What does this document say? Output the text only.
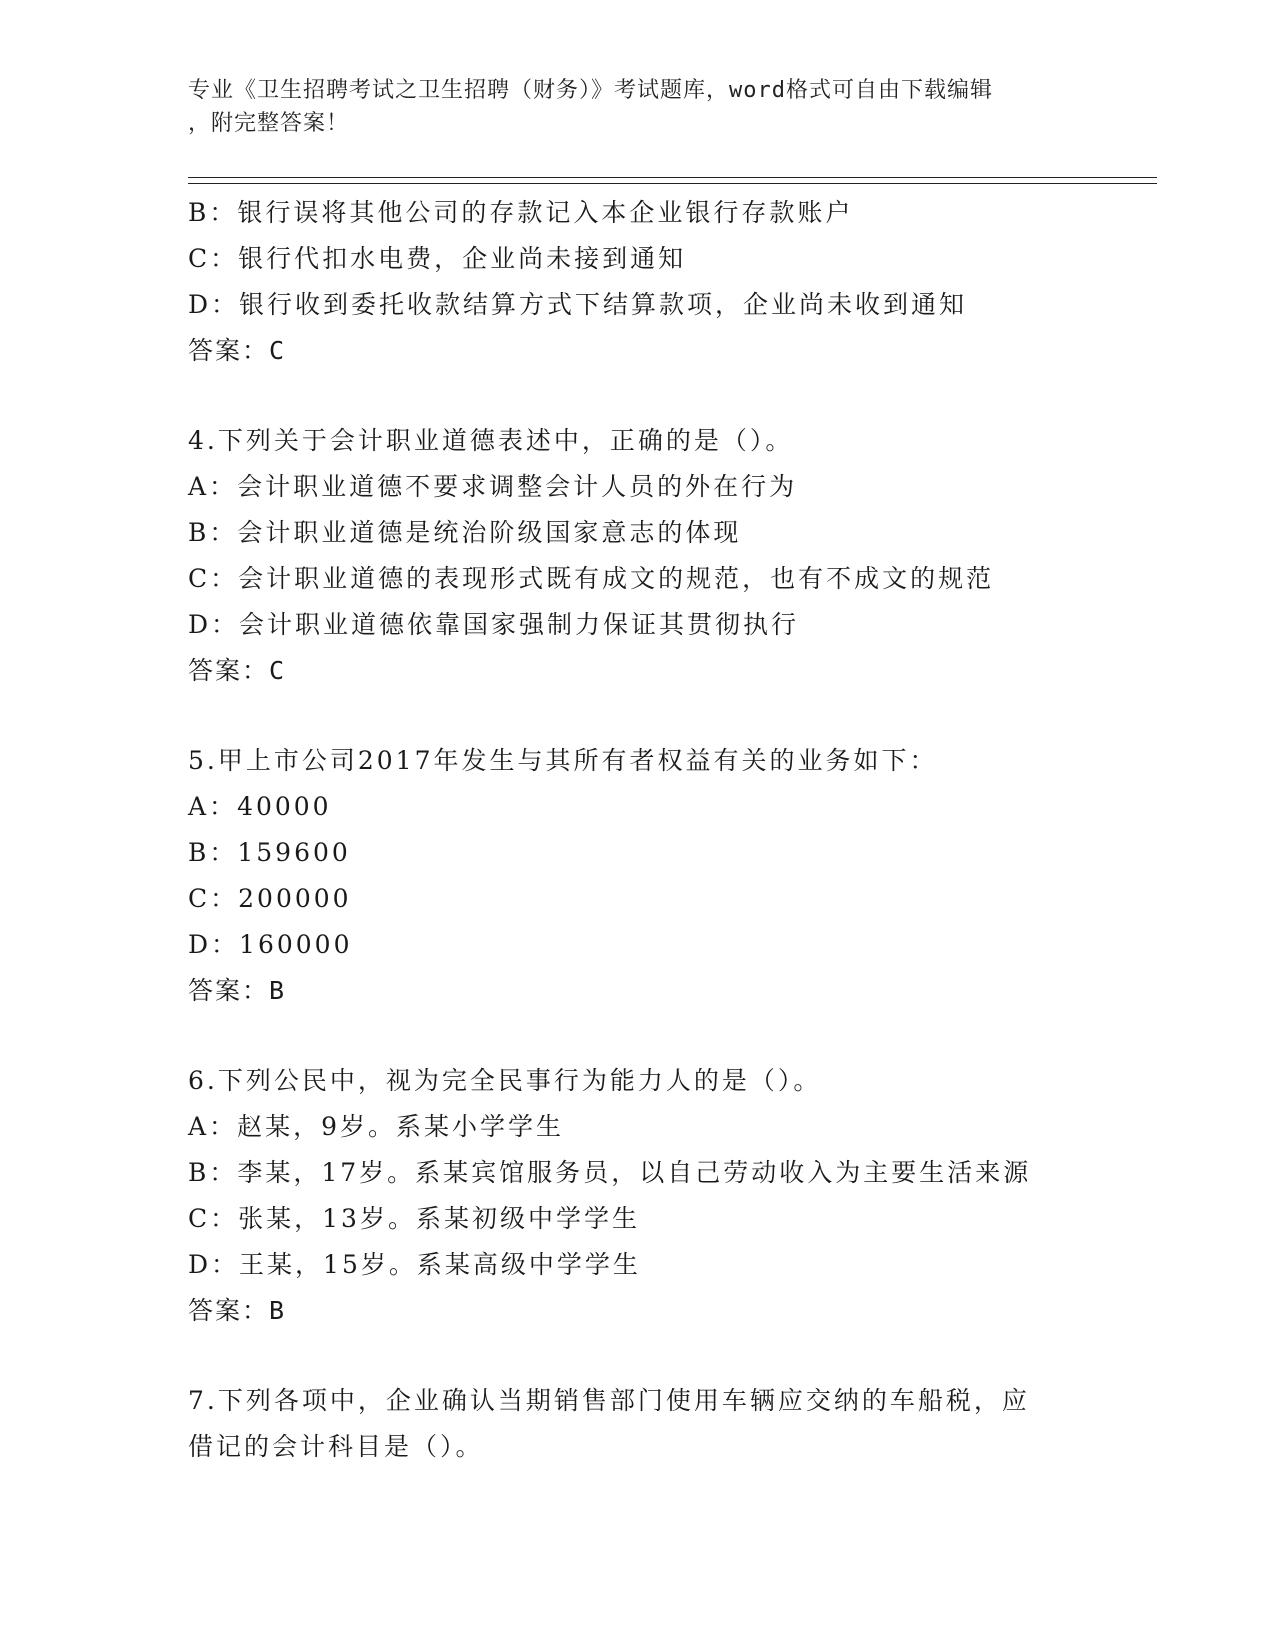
专业《卫生招聘考试之卫生招聘（财务）》考试题库，word格式可自由下载编辑
，附完整答案！
B：银行误将其他公司的存款记入本企业银行存款账户
C：银行代扣水电费，企业尚未接到通知
D：银行收到委托收款结算方式下结算款项，企业尚未收到通知
答案：C
4.下列关于会计职业道德表述中，正确的是（）。
A：会计职业道德不要求调整会计人员的外在行为
B：会计职业道德是统治阶级国家意志的体现
C：会计职业道德的表现形式既有成文的规范，也有不成文的规范
D：会计职业道德依靠国家强制力保证其贯彻执行
答案：C
5.甲上市公司2017年发生与其所有者权益有关的业务如下：
A：40000
B：159600
C：200000
D：160000
答案：B
6.下列公民中，视为完全民事行为能力人的是（）。
A：赵某，9岁。系某小学学生
B：李某，17岁。系某宾馆服务员，以自己劳动收入为主要生活来源
C：张某，13岁。系某初级中学学生
D：王某，15岁。系某高级中学学生
答案：B
7.下列各项中，企业确认当期销售部门使用车辆应交纳的车船税，应
借记的会计科目是（）。
